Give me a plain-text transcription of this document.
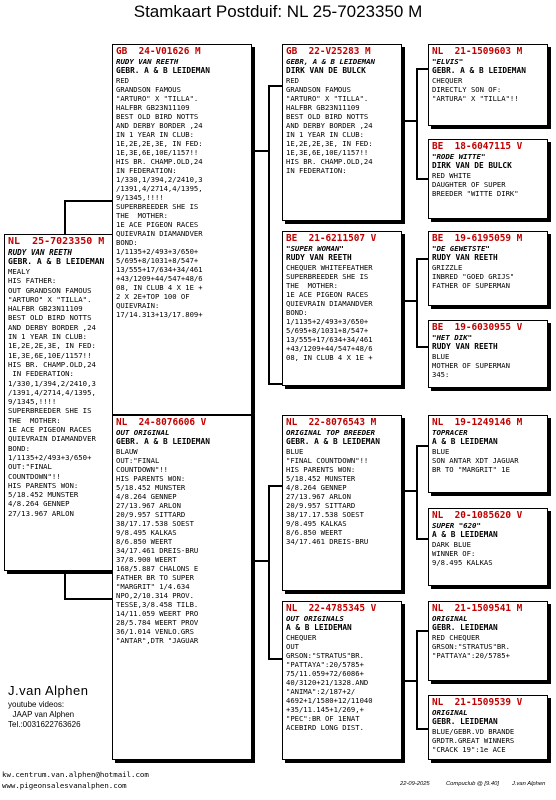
Stamkaart Postduif: NL 25-7023350 M
NL  25-7023350 M
RUDY VAN REETH
GEBR. A & B LEIDEMAN
MEALY
HIS FATHER:
OUT GRANDSON FAMOUS
"ARTURO" X "TILLA".
HALFBR GB23N11109
BEST OLD BIRD NOTTS
AND DERBY BORDER ,24
IN 1 YEAR IN CLUB:
1E,2E,2E,3E, IN FED:
1E,3E,6E,10E/1157!!
HIS BR. CHAMP.OLD,24
IN FEDERATION:
1/330,1/394,2/2410,3
/1391,4/2714,4/1395,
9/1345,!!!!
SUPERBREEDER SHE IS
THE  MOTHER:
1E ACE PIGEON RACES
QUIEVRAIN DIAMANDVER
BOND:
1/1135+2/493+3/650+
OUT:"FINAL
COUNTDOWN"!!
HIS PARENTS WON:
5/18.452 MUNSTER
4/8.264 GENNEP
27/13.967 ARLON
GB  24-V01626 M
RUDY VAN REETH
GEBR. A & B LEIDEMAN
RED
GRANDSON FAMOUS
"ARTURO" X "TILLA".
HALFBR GB23N11109
BEST OLD BIRD NOTTS
AND DERBY BORDER ,24
IN 1 YEAR IN CLUB:
1E,2E,2E,3E, IN FED:
1E,3E,6E,10E/1157!!
HIS BR. CHAMP.OLD,24
IN FEDERATION:
1/330,1/394,2/2410,3
/1391,4/2714,4/1395,
9/1345,!!!!
SUPERBREEDER SHE IS
THE  MOTHER:
1E ACE PIGEON RACES
QUIEVRAIN DIAMANDVER
BOND:
1/1135+2/493+3/650+
5/695+8/1031+8/547+
13/555+17/634+34/461
+43/1209+44/547+48/6
08, IN CLUB 4 X 1E +
2 X 2E+TOP 100 OF
QUIEVRAIN:
17/14.313+13/17.809+
NL  24-8076606 V
OUT ORIGINAL
GEBR. A & B LEIDEMAN
BLAUW
OUT:"FINAL
COUNTDOWN"!!
HIS PARENTS WON:
5/18.452 MUNSTER
4/8.264 GENNEP
27/13.967 ARLON
20/9.957 SITTARD
38/17.17.538 SOEST
9/8.495 KALKAS
8/6.850 WEERT
34/17.461 DREIS-BRU
37/8.900 WEERT
168/5.887 CHALONS E
FATHER BR TO SUPER
"MARGRIT" 1/4.634
NPO,2/10.314 PROV.
TESSE,3/8.458 TILB.
14/11.059 WEERT PRO
28/5.784 WEERT PROV
36/1.014 VENLO.GRS
"ANTAR",DTR "JAGUAR
GB  22-V25283 M
GEBR, A & B LEIDEMAN
DIRK VAN DE BULCK
RED
GRANDSON FAMOUS
"ARTURO" X "TILLA".
HALFBR GB23N11109
BEST OLD BIRD NOTTS
AND DERBY BORDER ,24
IN 1 YEAR IN CLUB:
1E,2E,2E,3E, IN FED:
1E,3E,6E,10E/1157!!
HIS BR. CHAMP.OLD,24
IN FEDERATION:
BE  21-6211507 V
"SUPER WOMAN"
RUDY VAN REETH
CHEQUER WHITEFEATHER
SUPERBREEDER SHE IS
THE  MOTHER:
1E ACE PIGEON RACES
QUIEVRAIN DIAMANDVER
BOND:
1/1135+2/493+3/650+
5/695+8/1031+8/547+
13/555+17/634+34/461
+43/1209+44/547+48/6
08, IN CLUB 4 X 1E +
NL  22-8076543 M
ORIGINAL TOP BREEDER
GEBR. A & B LEIDEMAN
BLUE
"FINAL COUNTDOWN"!!
HIS PARENTS WON:
5/18.452 MUNSTER
4/8.264 GENNEP
27/13.967 ARLON
20/9.957 SITTARD
38/17.17.538 SOEST
9/8.495 KALKAS
8/6.850 WEERT
34/17.461 DREIS-BRU
NL  22-4785345 V
OUT ORIGINALS
A & B LEIDEMAN
CHEQUER
OUT
GRSON:"STRATUS"BR.
"PATTAYA":20/5785+
75/11.059+72/6086+
40/3120+21/1328.AND
"ANIMA":2/187+2/
4692+1/1580+12/11040
+35/11.145+1/269,+
"PEC":BR OF 1ENAT
ACEBIRD LONG DIST.
NL  21-1509603 M
"ELVIS"
GEBR. A & B LEIDEMAN
CHEQUER
DIRECTLY SON OF:
"ARTURA" X "TILLA"!!
BE  18-6047115 V
"RODE WITTE"
DIRK VAN DE BULCK
RED WHITE
DAUGHTER OF SUPER
BREEDER "WITTE DIRK"
BE  19-6195059 M
"DE GEWETSTE"
RUDY VAN REETH
GRIZZLE
INBRED "GOED GRIJS"
FATHER OF SUPERMAN
BE  19-6030955 V
"HET DIK"
RUDY VAN REETH
BLUE
MOTHER OF SUPERMAN
345:
NL  19-1249146 M
TOPRACER
A & B LEIDEMAN
BLUE
SON ANTAR XDT JAGUAR
BR TO "MARGRIT" 1E
NL  20-1085620 V
SUPER "620"
A & B LEIDEMAN
DARK BLUE
WINNER OF:
9/8.495 KALKAS
NL  21-1509541 M
ORIGINAL
GEBR. LEIDEMAN
RED CHEQUER
GRSON:"STRATUS"BR.
"PATTAYA":20/5785+
NL  21-1509539 V
ORIGINAL
GEBR. LEIDEMAN
BLUE/GEBR.VD BRANDE
GRDTR.GREAT WINNERS
"CRACK 19":1e ACE
J.van Alphen
youtube videos:
JAAP van Alphen
Tel.:0031622763626
kw.centrum.van.alphen@hotmail.com
www.pigeonsalesvanalphen.com	22-09-2025	Compuclub @ [9.40] J.van Alphen
